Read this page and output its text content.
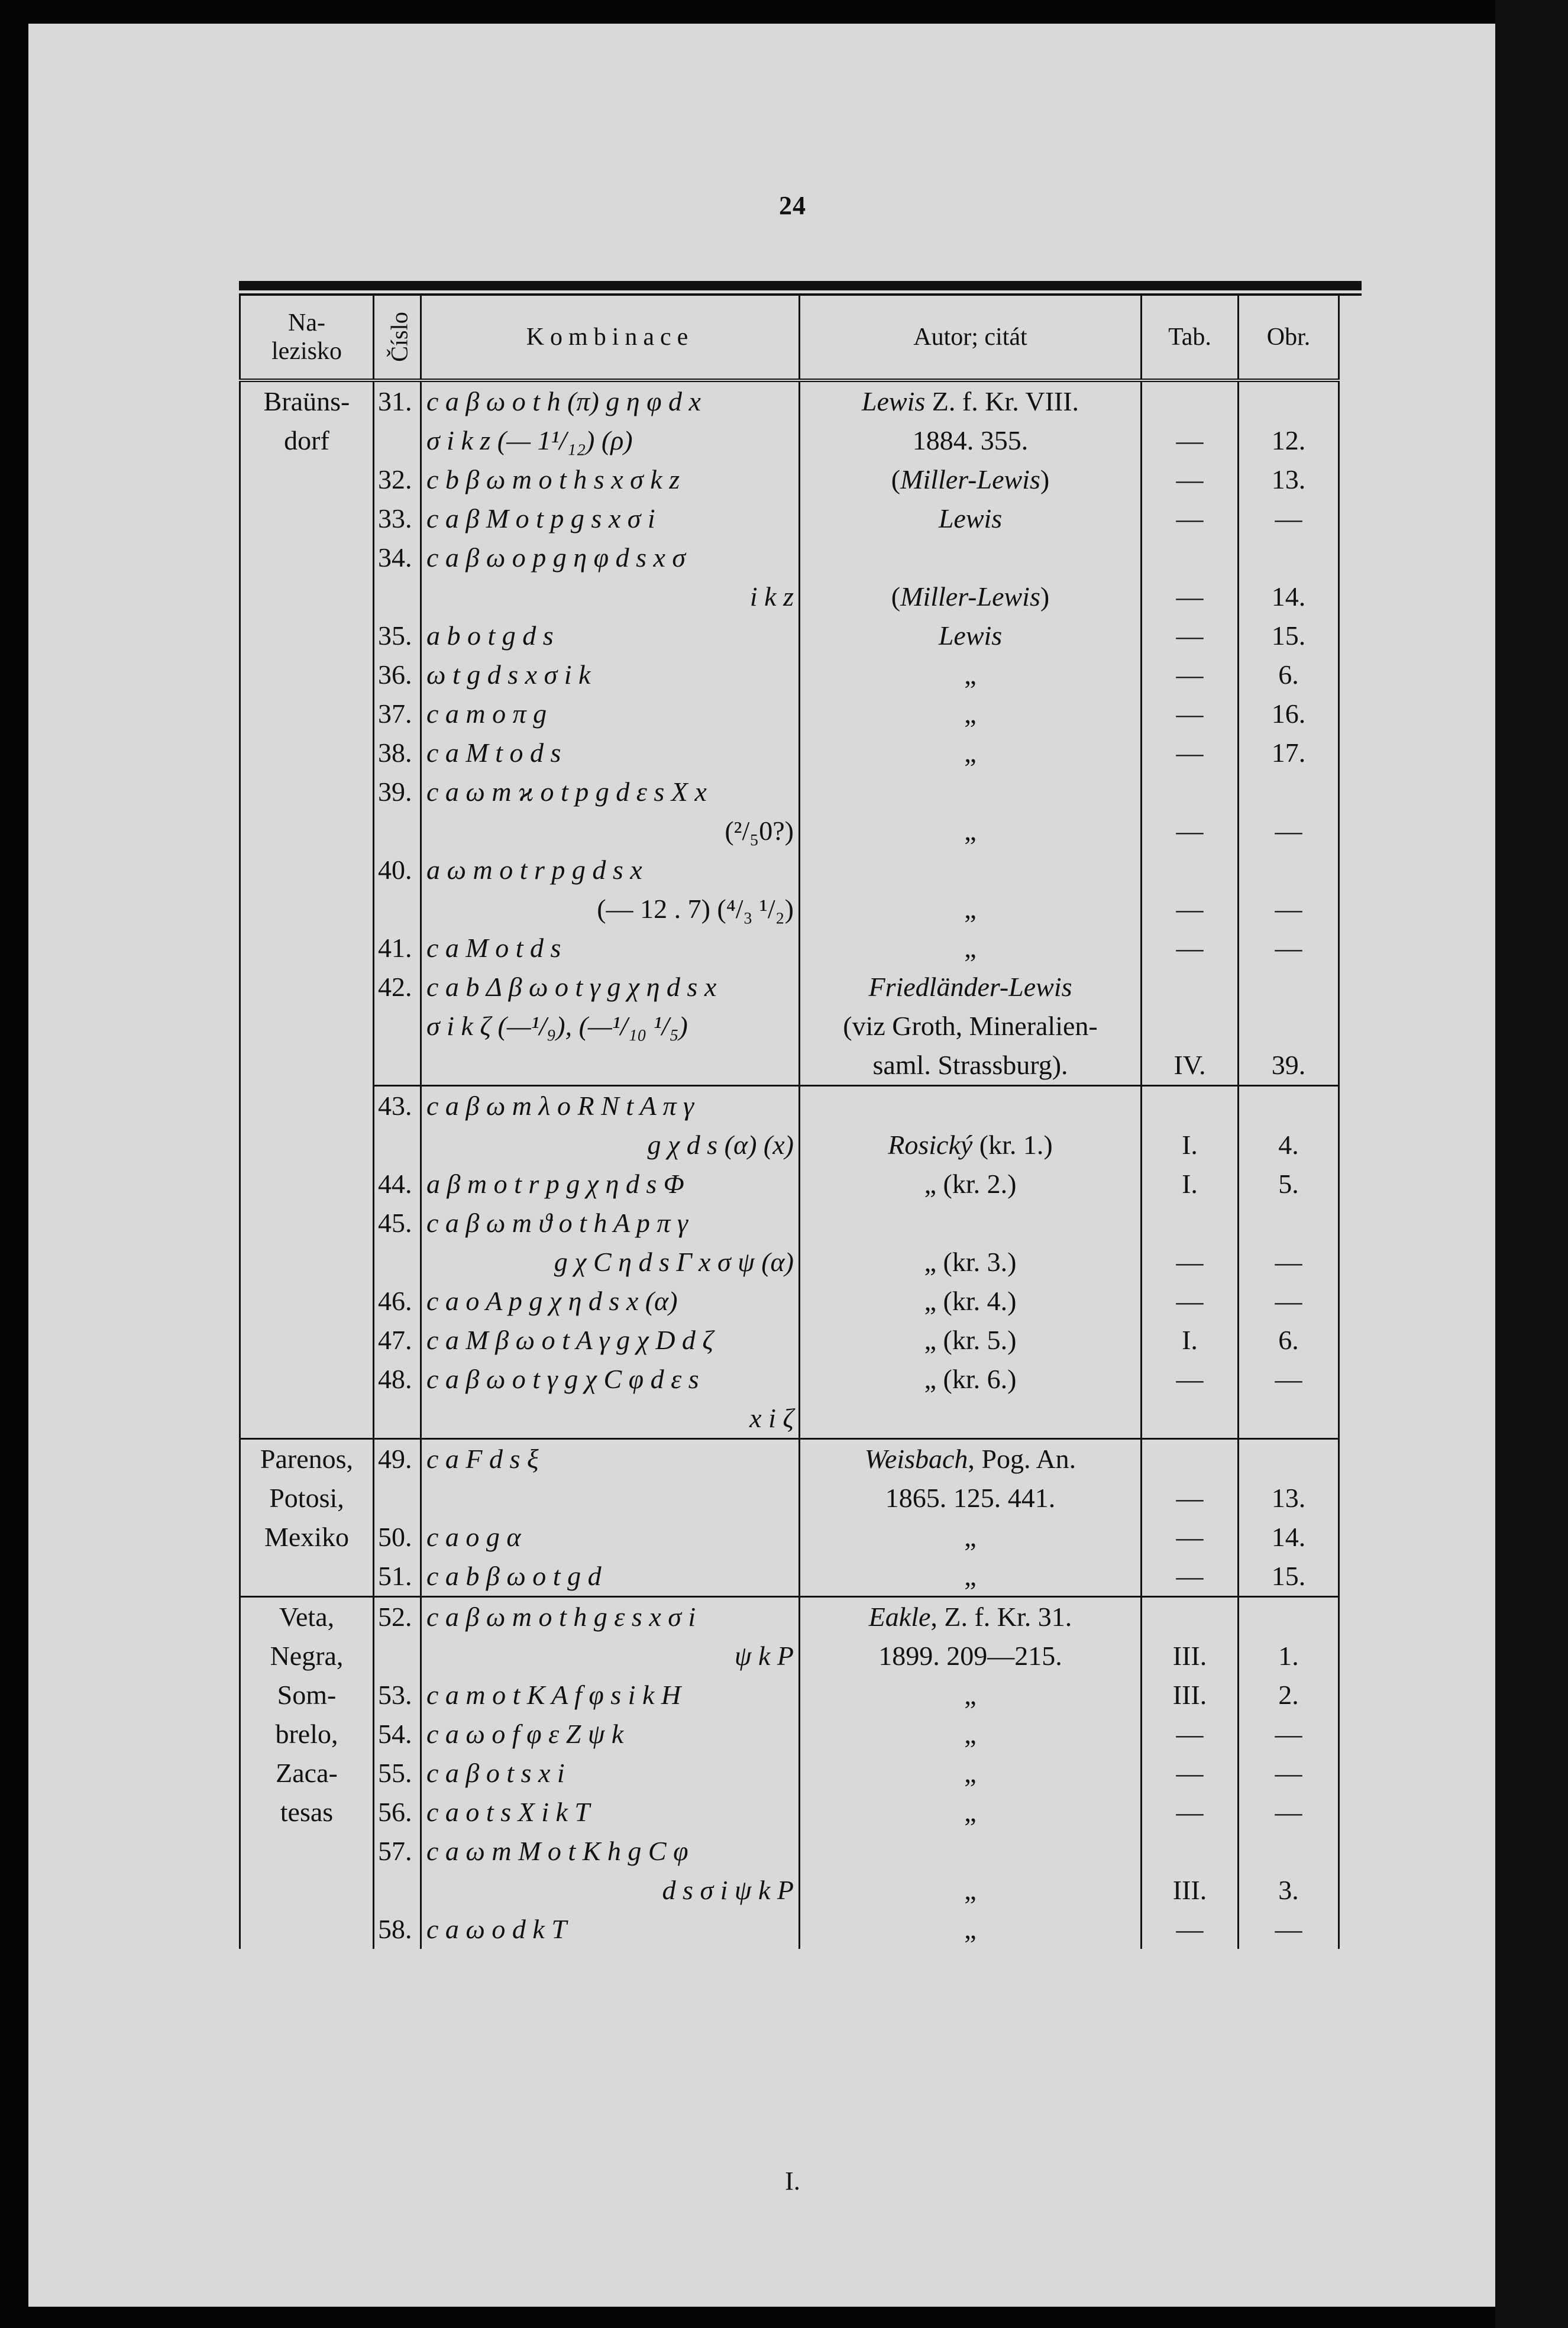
24
Na-
lezisko	Číslo	Kombinace	Autor; citát	Tab.	Obr.
Braüns-	31.	c a β ω o t h (π) g η φ d x	Lewis Z. f. Kr. VIII.		
dorf		σ i k z (— 1¹/₁₂) (ρ)	1884. 355.	—	12.
	32.	c b β ω m o t h s x σ k z	(Miller-Lewis)	—	13.
	33.	c a β M o t p g s x σ i	Lewis	—	—
	34.	c a β ω o p g η φ d s x σ			
		i k z	(Miller-Lewis)	—	14.
	35.	a b o t g d s	Lewis	—	15.
	36.	ω t g d s x σ i k	„	—	6.
	37.	c a m o π g	„	—	16.
	38.	c a M t o d s	„	—	17.
	39.	c a ω m ϰ o t p g d ε s X x			
		(²/₅0?)	„	—	—
	40.	a ω m o t r p g d s x			
		(— 12 . 7) (⁴/₃ ¹/₂)	„	—	—
	41.	c a M o t d s	„	—	—
	42.	c a b Δ β ω o t γ g χ η d s x	Friedländer-Lewis		
		σ i k ζ (—¹/₉), (—¹/₁₀ ¹/₅)	(viz Groth, Mineralien-		
			saml. Strassburg).	IV.	39.
	43.	c a β ω m λ o R N t A π γ			
		g χ d s (α) (x)	Rosický (kr. 1.)	I.	4.
	44.	a β m o t r p g χ η d s Φ	„ (kr. 2.)	I.	5.
	45.	c a β ω m ϑ o t h A p π γ			
		g χ C η d s Γ x σ ψ (α)	„ (kr. 3.)	—	—
	46.	c a o A p g χ η d s x (α)	„ (kr. 4.)	—	—
	47.	c a M β ω o t A γ g χ D d ζ	„ (kr. 5.)	I.	6.
	48.	c a β ω o t γ g χ C φ d ε s	„ (kr. 6.)	—	—
		x i ζ			
Parenos,	49.	c a F d s ξ	Weisbach, Pog. An.		
Potosi,			1865. 125. 441.	—	13.
Mexiko	50.	c a o g α	„	—	14.
	51.	c a b β ω o t g d	„	—	15.
Veta,	52.	c a β ω m o t h g ε s x σ i	Eakle, Z. f. Kr. 31.		
Negra,		ψ k P	1899. 209—215.	III.	1.
Som-	53.	c a m o t K A f φ s i k H	„	III.	2.
brelo,	54.	c a ω o f φ ε Z ψ k	„	—	—
Zaca-	55.	c a β o t s x i	„	—	—
tesas	56.	c a o t s X i k T	„	—	—
	57.	c a ω m M o t K h g C φ			
		d s σ i ψ k P	„	III.	3.
	58.	c a ω o d k T	„	—	—
I.
